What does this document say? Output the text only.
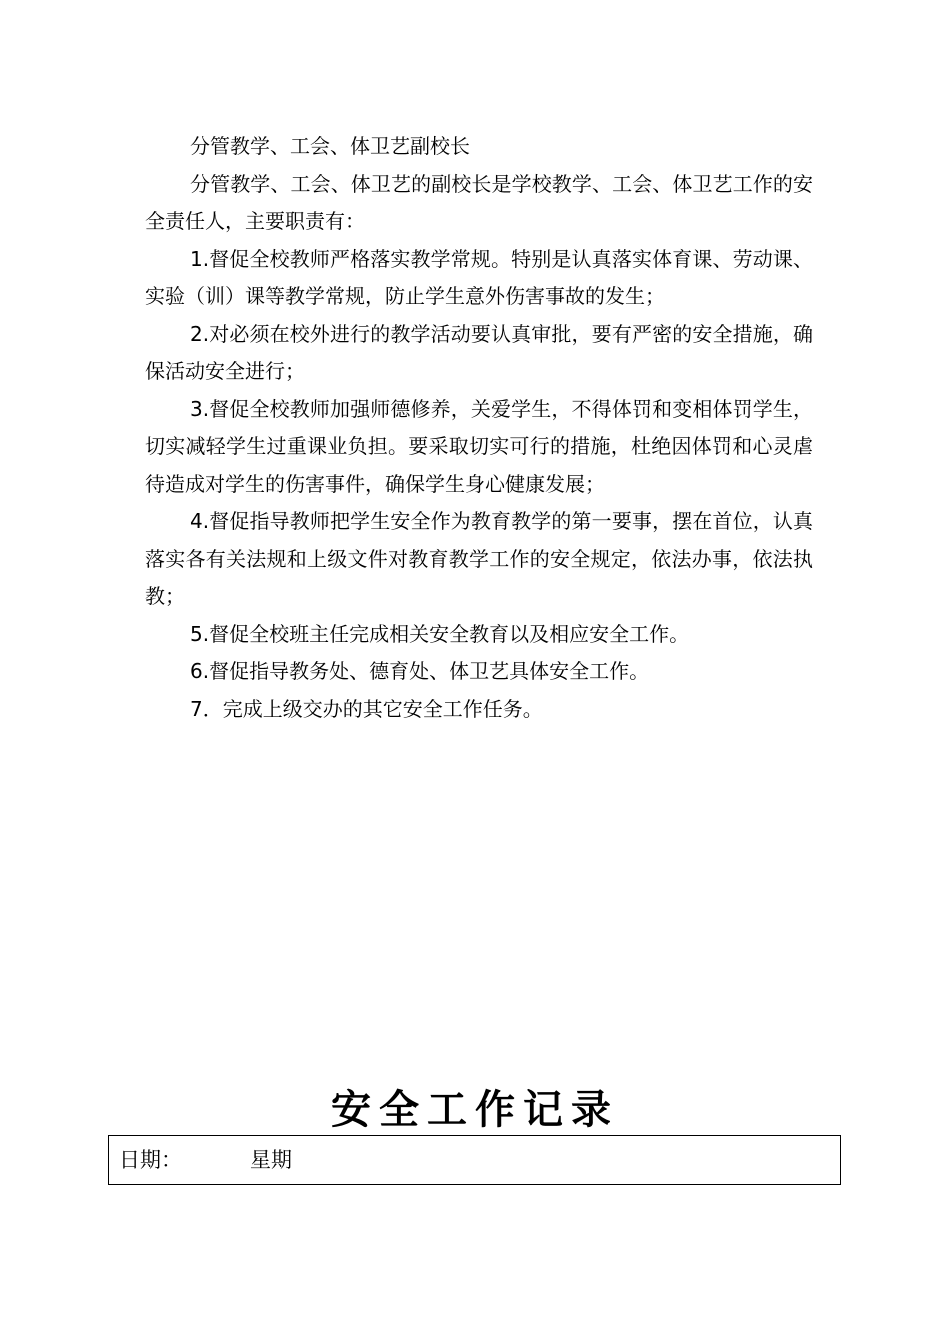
分管教学、工会、体卫艺副校长

分管教学、工会、体卫艺的副校长是学校教学、工会、体卫艺工作的安全责任人，主要职责有：

1.督促全校教师严格落实教学常规。特别是认真落实体育课、劳动课、实验（训）课等教学常规，防止学生意外伤害事故的发生；

2.对必须在校外进行的教学活动要认真审批，要有严密的安全措施，确保活动安全进行；

3.督促全校教师加强师德修养，关爱学生，不得体罚和变相体罚学生，切实减轻学生过重课业负担。要采取切实可行的措施，杜绝因体罚和心灵虐待造成对学生的伤害事件，确保学生身心健康发展；

4.督促指导教师把学生安全作为教育教学的第一要事，摆在首位，认真落实各有关法规和上级文件对教育教学工作的安全规定，依法办事，依法执教；

5.督促全校班主任完成相关安全教育以及相应安全工作。

6.督促指导教务处、德育处、体卫艺具体安全工作。

7．完成上级交办的其它安全工作任务。

安全工作记录
日期：	星期
